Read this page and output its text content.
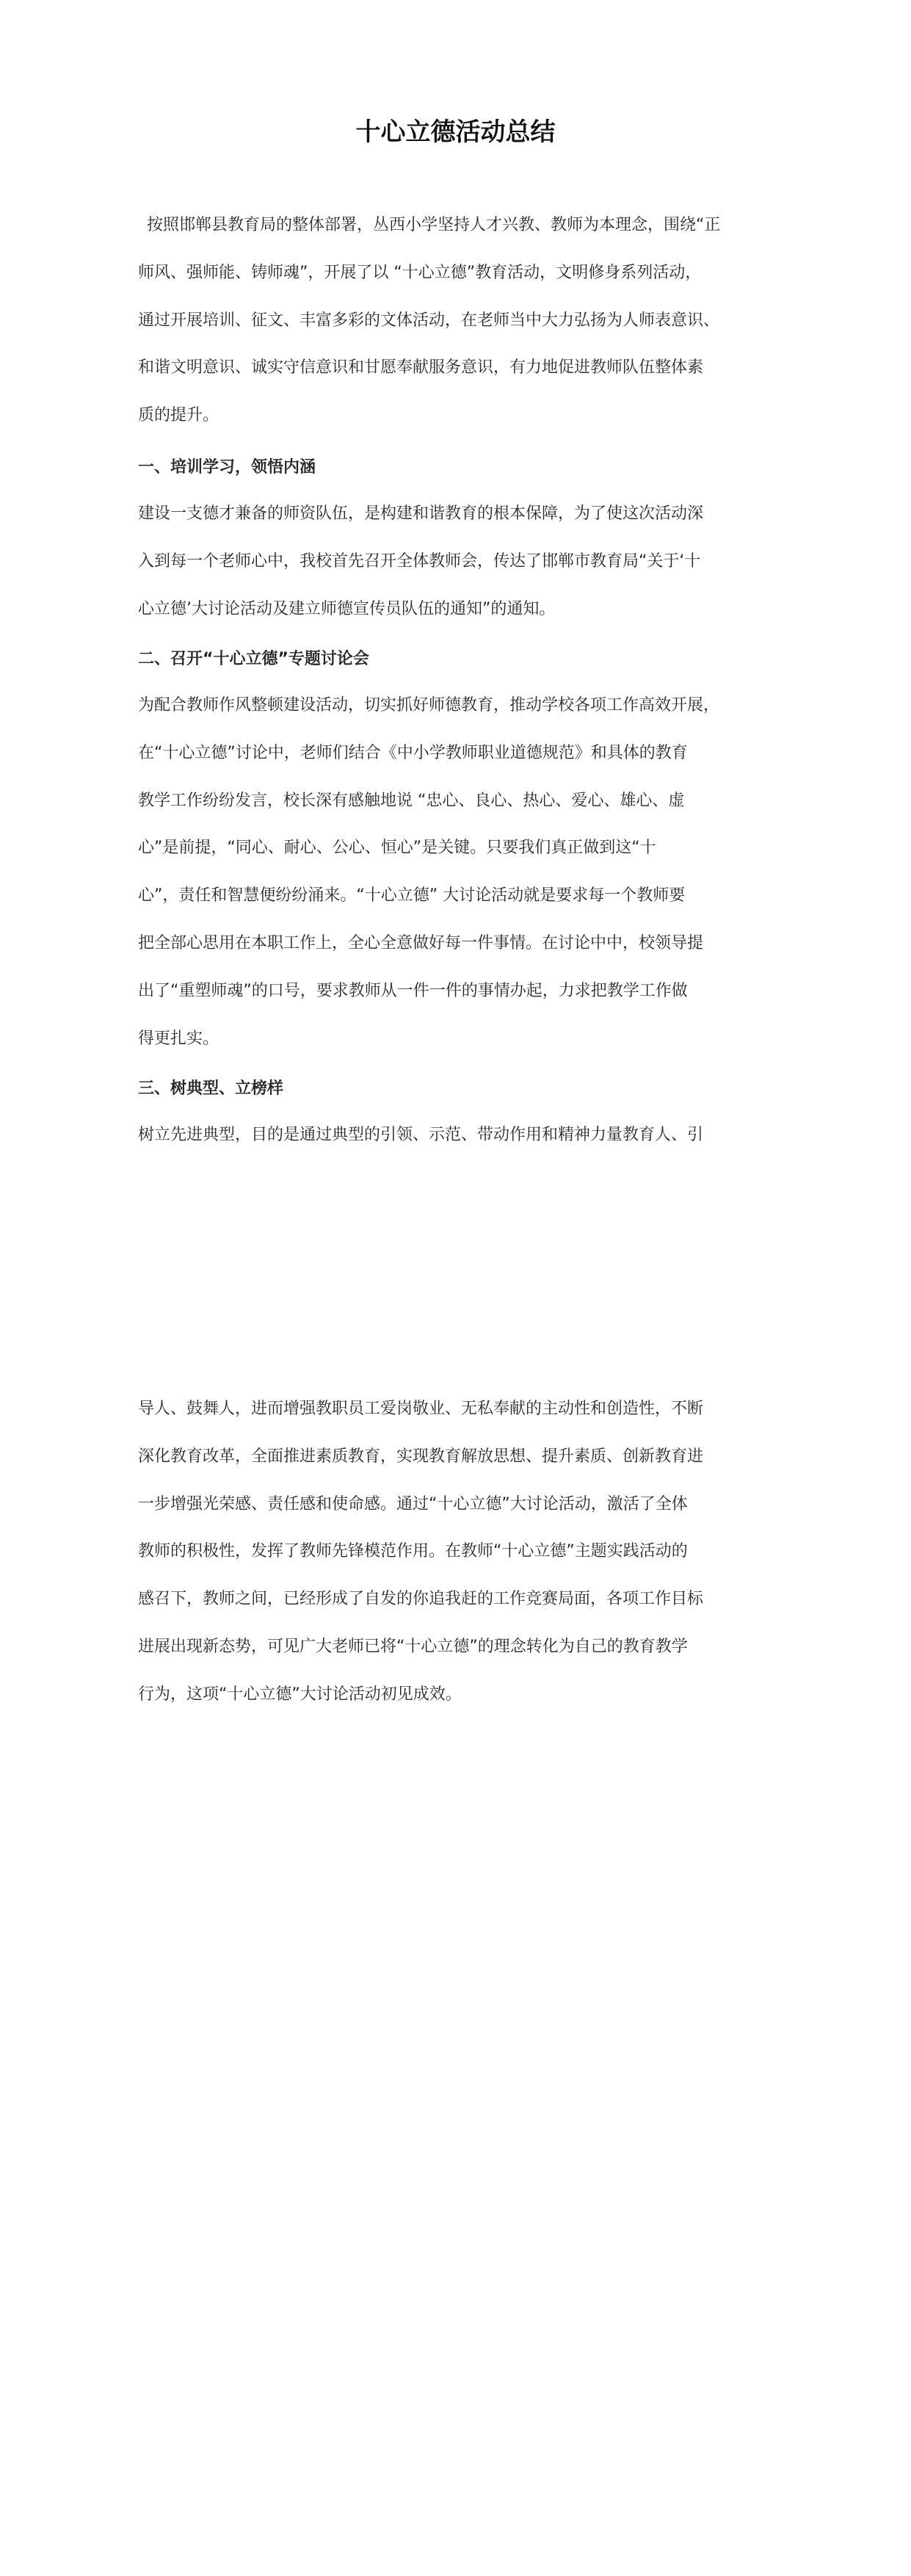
十心立德活动总结
按照邯郸县教育局的整体部署，丛西小学坚持人才兴教、教师为本理念，围绕“正
师风、强师能、铸师魂”，开展了以 “十心立德”教育活动，文明修身系列活动，
通过开展培训、征文、丰富多彩的文体活动，在老师当中大力弘扬为人师表意识、
和谐文明意识、诚实守信意识和甘愿奉献服务意识，有力地促进教师队伍整体素
质的提升。
一、培训学习，领悟内涵
建设一支德才兼备的师资队伍，是构建和谐教育的根本保障，为了使这次活动深
入到每一个老师心中，我校首先召开全体教师会，传达了邯郸市教育局“关于‘十
心立德’大讨论活动及建立师德宣传员队伍的通知”的通知。
二、召开“十心立德”专题讨论会
为配合教师作风整顿建设活动，切实抓好师德教育，推动学校各项工作高效开展，
在“十心立德”讨论中，老师们结合《中小学教师职业道德规范》和具体的教育
教学工作纷纷发言，校长深有感触地说 “忠心、良心、热心、爱心、雄心、虚
心”是前提，“同心、耐心、公心、恒心”是关键。只要我们真正做到这“十
心”，责任和智慧便纷纷涌来。“十心立德” 大讨论活动就是要求每一个教师要
把全部心思用在本职工作上，全心全意做好每一件事情。在讨论中中，校领导提
出了“重塑师魂”的口号，要求教师从一件一件的事情办起，力求把教学工作做
得更扎实。
三、树典型、立榜样
树立先进典型，目的是通过典型的引领、示范、带动作用和精神力量教育人、引
导人、鼓舞人，进而增强教职员工爱岗敬业、无私奉献的主动性和创造性，不断
深化教育改革，全面推进素质教育，实现教育解放思想、提升素质、创新教育进
一步增强光荣感、责任感和使命感。通过“十心立德”大讨论活动，激活了全体
教师的积极性，发挥了教师先锋模范作用。在教师“十心立德”主题实践活动的
感召下，教师之间，已经形成了自发的你追我赶的工作竞赛局面，各项工作目标
进展出现新态势，可见广大老师已将“十心立德”的理念转化为自己的教育教学
行为，这项“十心立德”大讨论活动初见成效。
